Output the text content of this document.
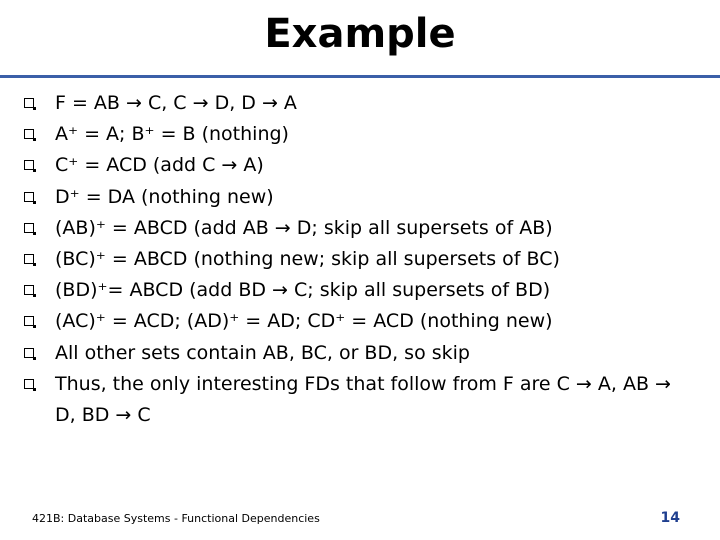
Example
F = AB → C, C → D, D → A
A⁺ = A; B⁺ = B (nothing)
C⁺ = ACD (add C → A)
D⁺ = DA (nothing new)
(AB)⁺ = ABCD (add AB → D; skip all supersets of AB)
(BC)⁺ = ABCD (nothing new; skip all supersets of BC)
(BD)⁺= ABCD (add BD → C; skip all supersets of BD)
(AC)⁺ = ACD; (AD)⁺ = AD; CD⁺ = ACD (nothing new)
All other sets contain AB, BC, or BD, so skip
Thus, the only interesting FDs that follow from F are C → A, AB → D, BD → C
421B: Database Systems - Functional Dependencies	14
